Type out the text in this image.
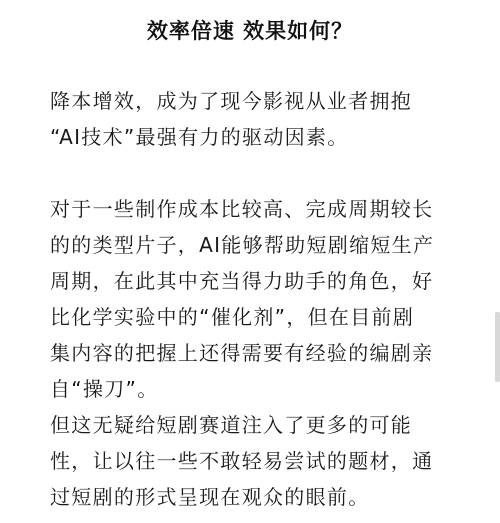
效率倍速 效果如何？

降本增效，成为了现今影视从业者拥抱
“AI技术”最强有力的驱动因素。

对于一些制作成本比较高、完成周期较长
的的类型片子，AI能够帮助短剧缩短生产
周期，在此其中充当得力助手的角色，好
比化学实验中的“催化剂”，但在目前剧
集内容的把握上还得需要有经验的编剧亲
自“操刀”。

但这无疑给短剧赛道注入了更多的可能
性，让以往一些不敢轻易尝试的题材，通
过短剧的形式呈现在观众的眼前。
